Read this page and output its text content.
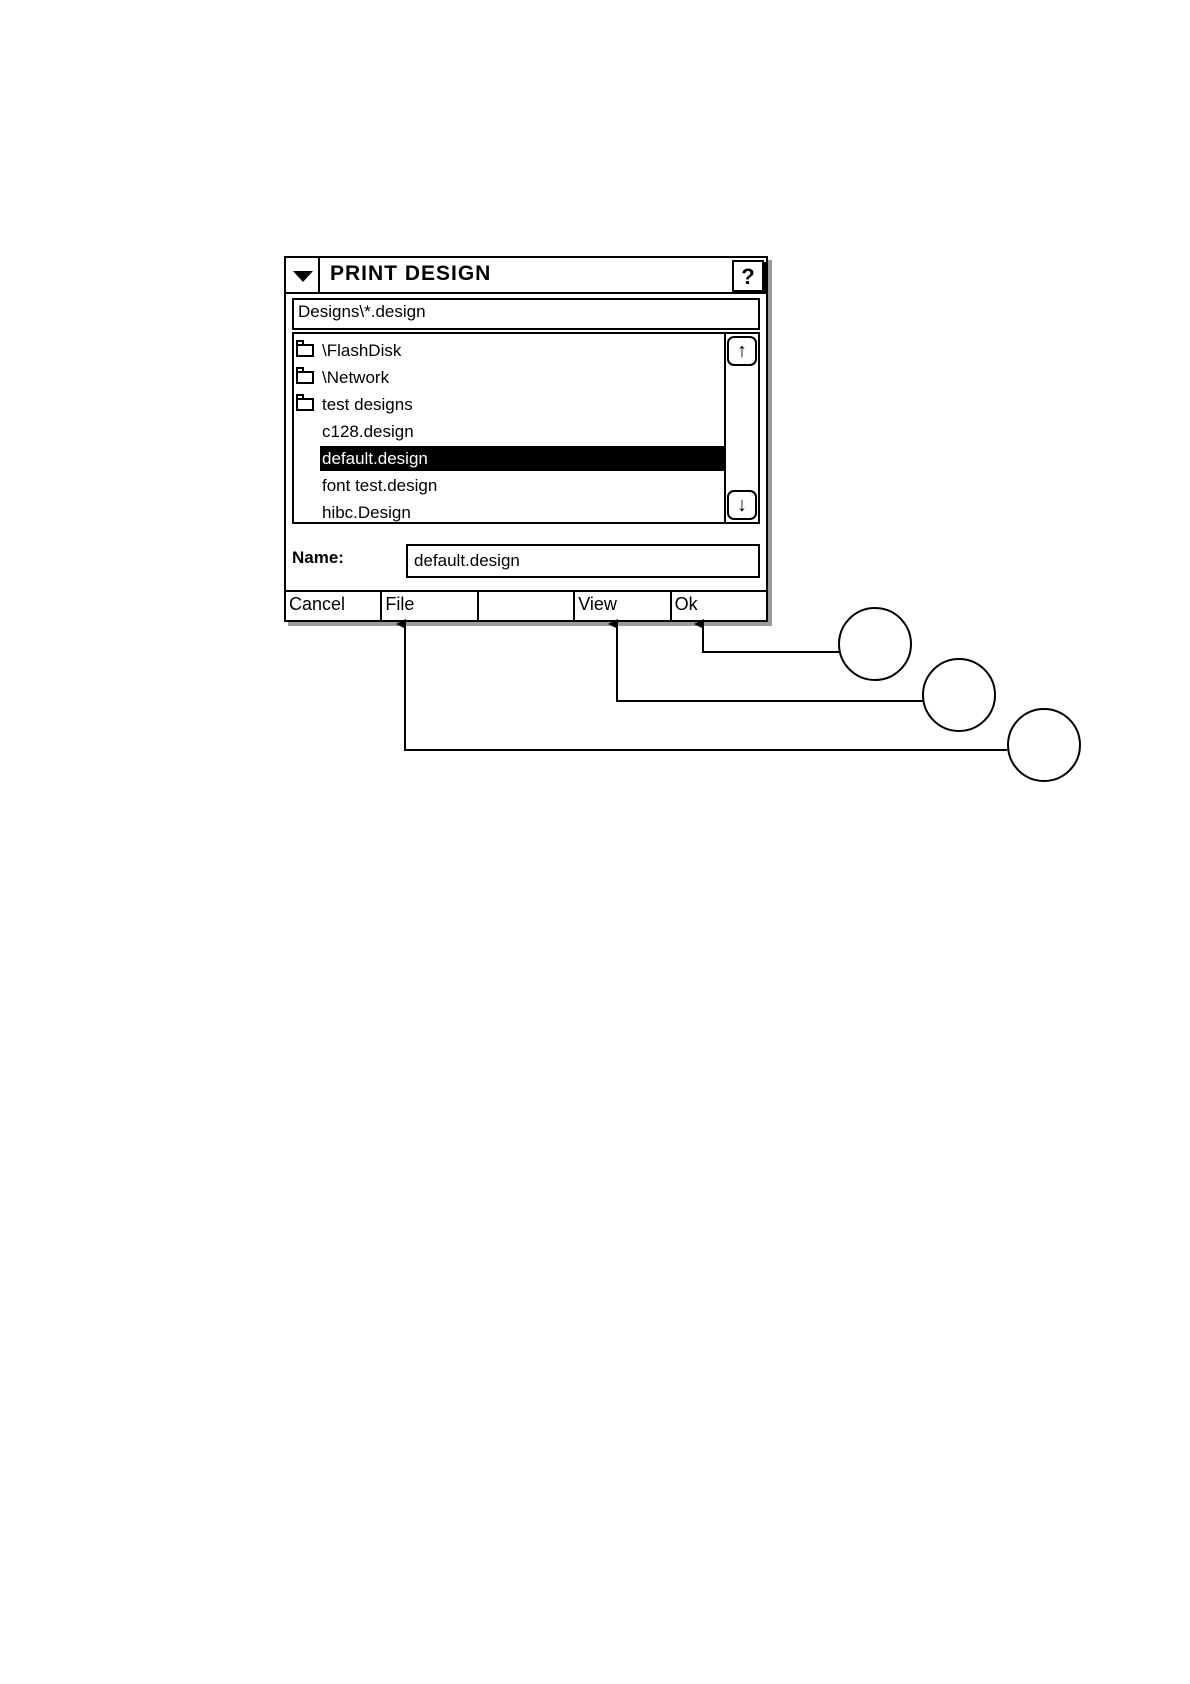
PRINT DESIGN	?
Designs\*.design
\FlashDisk
\Network
test designs
c128.design
default.design
font test.design
hibc.Design
↑
↓
Name:
default.design
Cancel	File	View	Ok
